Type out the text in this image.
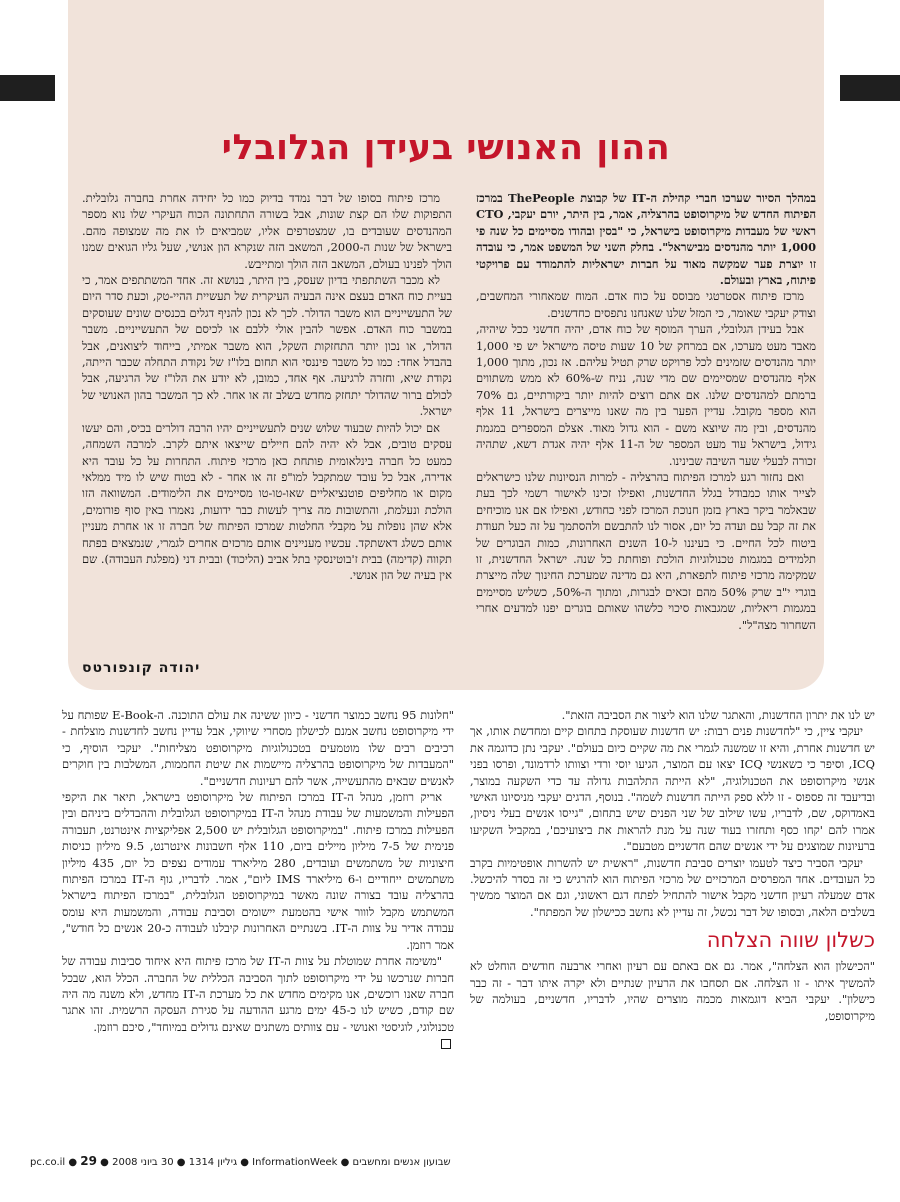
ההון האנושי בעידן הגלובלי

במהלך הסיור שערכו חברי קהילת ה-IT של קבוצת ThePeople במרכז הפיתוח החדש של מיקרוסופט בהרצליה, אמר, בין היתר, יורם יעקבי, CTO ראשי של מעבדות מיקרוסופט בישראל, כי "בסין ובהודו מסיימים כל שנה פי 1,000 יותר מהנדסים מבישראל". בחלק השני של המשפט אמר, כי עובדה זו יוצרת פער שמקשה מאוד על חברות ישראליות להתמודד עם פרויקטי פיתוח, בארץ ובעולם.

מרכז פיתוח אסטרטגי מבוסס על כוח אדם. המוח שמאחורי המחשבים, וצודק יעקבי שאומר, כי המזל שלנו שאנחנו נתפסים כחדשנים.

אבל בעידן הגלובלי, הערך המוסף של כוח אדם, יהיה חדשני ככל שיהיה, מאבד מעט מערכו, אם במרחק של 10 שעות טיסה מישראל יש פי 1,000 יותר מהנדסים שזמינים לכל פרויקט שרק תטיל עליהם. אז נכון, מתוך 1,000 אלף מהנדסים שמסיימים שם מדי שנה, נניח ש-60% לא ממש משתווים ברמתם למהנדסים שלנו. אם אתם רוצים להיות יותר ביקורתיים, גם 70% הוא מספר מקובל. עדיין הפער בין מה שאנו מייצרים בישראל, 11 אלף מהנדסים, ובין מה שיוצא משם - הוא גדול מאוד. אצלם המספרים במגמת גידול, בישראל עוד מעט המספר של ה-11 אלף יהיה אגדת דשא, שתהיה זכורה לבעלי שער השיבה שבינינו.

ואם נחזור רגע למרכז הפיתוח בהרצליה - למרות הנסיונות שלנו כישראלים לצייר אותו כמבודל בגלל החדשנות, ואפילו זכינו לאישור רשמי לכך בעת שבאלמר ביקר בארץ בזמן חנוכת המרכז לפני כחודש, ואפילו אם אנו מוכיחים את זה קבל עם ועדה כל יום, אסור לנו להתבשם ולהסתמך על זה כעל תעודת ביטוח לכל החיים. כי בעיננו ל-10 השנים האחרונות, כמות הבוגרים של תלמידים במגמות טכנולוגיות הולכת ופוחתת כל שנה. ישראל החדשנית, זו שמקימה מרכזי פיתוח לתפארת, היא גם מדינה שמערכת החינוך שלה מייצרת בוגרי י"ב שרק 50% מהם זכאים לבגרות, ומתוך ה-50%, כשליש מסיימים במגמות ריאליות, שמגבאות סיכוי כלשהו שאותם בוגרים יפנו למדעים אחרי השחרור מצה"ל".

מרכז פיתוח בסופו של דבר נמדד בדיוק כמו כל יחידה אחרת בחברה גלובלית. התפוקות שלו הם קצת שונות, אבל בשורה התחתונה הכוח העיקרי שלו נוא מספר המהנדסים שעובדים בו, שמצטרפים אליו, שמביאים לו את מה שמצופה מהם. בישראל של שנות ה-2000, המשאב הזה שנקרא הון אנושי, שעל גליו הגואים שמנו הולך לפנינו בעולם, המשאב הזה הולך ומתייבש.

לא מכבר השתתפתי בדיון שעסק, בין היתר, בנושא זה. אחד המשתתפים אמר, כי בעיית כוח האדם בעצם אינה הבעיה העיקרית של תעשיית ההיי-טק, וכעת סדר היום של התעשייניים הוא משבר הדולר. לכך לא נכון להניף דגלים בכנסים שונים שעוסקים במשבר כוח האדם. אפשר להבין אולי ללבם או לכיסם של התעשייניים. משבר הדולר, או נכון יותר התחזקות השקל, הוא משבר אמיתי, בייחוד ליצואנים, אבל בהבדל אחד: כמו כל משבר פיננסי הוא תחום בלו"ז של נקודת התחלה שכבר הייתה, נקודת שיא, וחזרה לרגיעה. אף אחד, כמובן, לא יודע את הלו"ז של הרגיעה, אבל לכולם ברור שהדולר יתחזק מחדש בשלב זה או אחר. לא כך המשבר בהון האנושי של ישראל.

אם יכול להיות שבעוד שלוש שנים לתעשייניים יהיו הרבה דולרים בכיס, והם יעשו עסקים טובים, אבל לא יהיה להם חיילים שייצאו איתם לקרב. למרבה השמחה, כמעט כל חברה בינלאומית פותחת כאן מרכזי פיתוח. התחרות על כל עובד היא אדירה, אבל כל עובד שמתקבל למו"פ זה או אחר - לא בטוח שיש לו מיד ממלאי מקום או מחליפים פוטנציאליים שאו-טו-טו מסיימים את הלימודים. המשוואה הזו הולכת ונעלמת, והתשובות מה צריך לעשות כבר ידועות, נאמרו באין סוף פורומים, אלא שהן נופלות על מקבלי החלטות שמרכז הפיתוח של חברה זו או אחרת מעניין אותם כשלג דאשתקד. עכשיו מעניינים אותם מרכזים אחרים לגמרי, שנמצאים בפתח תקווה (קדימה) בבית ז'בוטינסקי בתל אביב (הליכוד) ובבית דני (מפלגת העבודה). שם אין בעיה של הון אנושי.

יהודה קונפורטס

יש לנו את יתרון החדשנות, והאתגר שלנו הוא ליצור את הסביבה הזאת".

יעקבי ציין, כי "לחדשנות פנים רבות: יש חדשנות שעוסקת בתחום קיים ומחדשת אותו, אך יש חדשנות אחרת, והיא זו שמשנה לגמרי את מה שקיים כיום בעולם". יעקבי נתן כדוגמה את ICQ, וסיפר כי כשאנשי ICQ יצאו עם המוצר, הגיעו יוסי ורדי וצוותו לרדמונד, ופרסו בפני אנשי מיקרוסופט את הטכנולוגיה, "לא הייתה התלהבות גדולה עד כדי השקעה במוצר, ובדיעבד זה פספוס - זו ללא ספק הייתה חדשנות לשמה". בנוסף, הדגים יעקבי מניסיונו האישי באמדוקס, שם, לדבריו, עשו שילוב של שני הפנים שיש בתחום, "גייסו אנשים בעלי ניסיון, אמרו להם 'קחו כסף ותחזרו בעוד שנה על מנת להראות את ביצועיכם', במקביל השקיעו ברעיונות שמוצגים על ידי אנשים שהם חדשניים מטבעם".

יעקבי הסביר כיצד לטעמו יוצרים סביבת חדשנות, "ראשית יש להשרות אופטימיות בקרב כל העובדים. אחד המפרסים המרכזיים של מרכזי הפיתוח הוא להרגיש כי זה בסדר להיכשל. אדם שמעלה רעיון חדשני מקבל אישור להתחיל לפתח דגם ראשוני, וגם אם המוצר ממשיך בשלבים הלאה, ובסופו של דבר נכשל, זה עדיין לא נחשב ככישלון של המפתח".

כשלון שווה הצלחה

"הכישלון הוא הצלחה", אמר. גם אם באתם עם רעיון ואחרי ארבעה חודשים הוחלט לא להמשיך איתו - זו הצלחה. אם תסחבו את הרעיון שנתיים ולא יקרה איתו דבר - זה כבר כישלון". יעקבי הביא דוגמאות מכמה מוצרים שהיו, לדבריו, חדשניים, בעולמה של מיקרוסופט,

"חלונות 95 נחשב כמוצר חדשני - כיוון ששינה את עולם התוכנה. ה-E-Book שפותח על ידי מיקרוסופט נחשב אמנם לכישלון מסחרי שיווקי, אבל עדיין נחשב לחדשנות מוצלחת - רכיבים רבים שלו מוטמעים בטכנולוגיות מיקרוסופט מצליחות". יעקבי הוסיף, כי "המעבדות של מיקרוסופט בהרצליה מיישמות את שיטת החממות, המשלבות בין חוקרים לאנשים שבאים מהתעשייה, אשר להם רעיונות חדשניים".

אריק רוזמן, מנהל ה-IT במרכז הפיתוח של מיקרוסופט בישראל, תיאר את היקפי הפעילות והמשמעות של עבודת מנהל ה-IT במיקרוסופט הגלובלית וההבדלים ביניהם ובין הפעילות במרכז פיתוח. "במיקרוסופט הגלובלית יש 2,500 אפליקציות אינטרנט, תעבורה פנימית של 7-5 מיליון מיילים ביום, 110 אלף חשבונות אינטרנט, 9.5 מיליון כניסות חיצוניות של משתמשים ועובדים, 280 מיליארד עמודים נצפים כל יום, 435 מיליון משתמשים ייחודיים ו-6 מיליארד IMS ליום", אמר. לדבריו, גוף ה-IT במרכז הפיתוח בהרצליה עובד בצורה שונה מאשר במיקרוסופט הגלובלית, "במרכז הפיתוח בישראל המשתמש מקבל לווור אישי בהטמעת יישומים וסביבת עבודה, והמשמעות היא עומס עבודה אדיר על צוות ה-IT. בשנתיים האחרונות קיבלנו לעבודה כ-20 אנשים כל חודש", אמר רוזמן.

"משימה אחרת שמוטלת על צוות ה-IT של מרכז פיתוח היא איחוד סביבות עבודה של חברות שנרכשו על ידי מיקרוסופט לתוך הסביבה הכללית של החברה. הכלל הוא, שבכל חברה שאנו רוכשים, אנו מקימים מחדש את כל מערכת ה-IT מחדש, ולא משנה מה היה שם קודם, כשיש לנו כ-45 ימים מרגע ההודעה על סגירת העסקה הרשמית. זהו אתגר טכנולוגי, לוגיסטי ואנושי - עם צוותים משתנים שאינם גדולים במיוחד", סיכם רוזמן.

שבועון אנשים ומחשבים ● InformationWeek ● גיליון 1314 ● 30 ביוני 2008 ● pc.co.il ● 29
